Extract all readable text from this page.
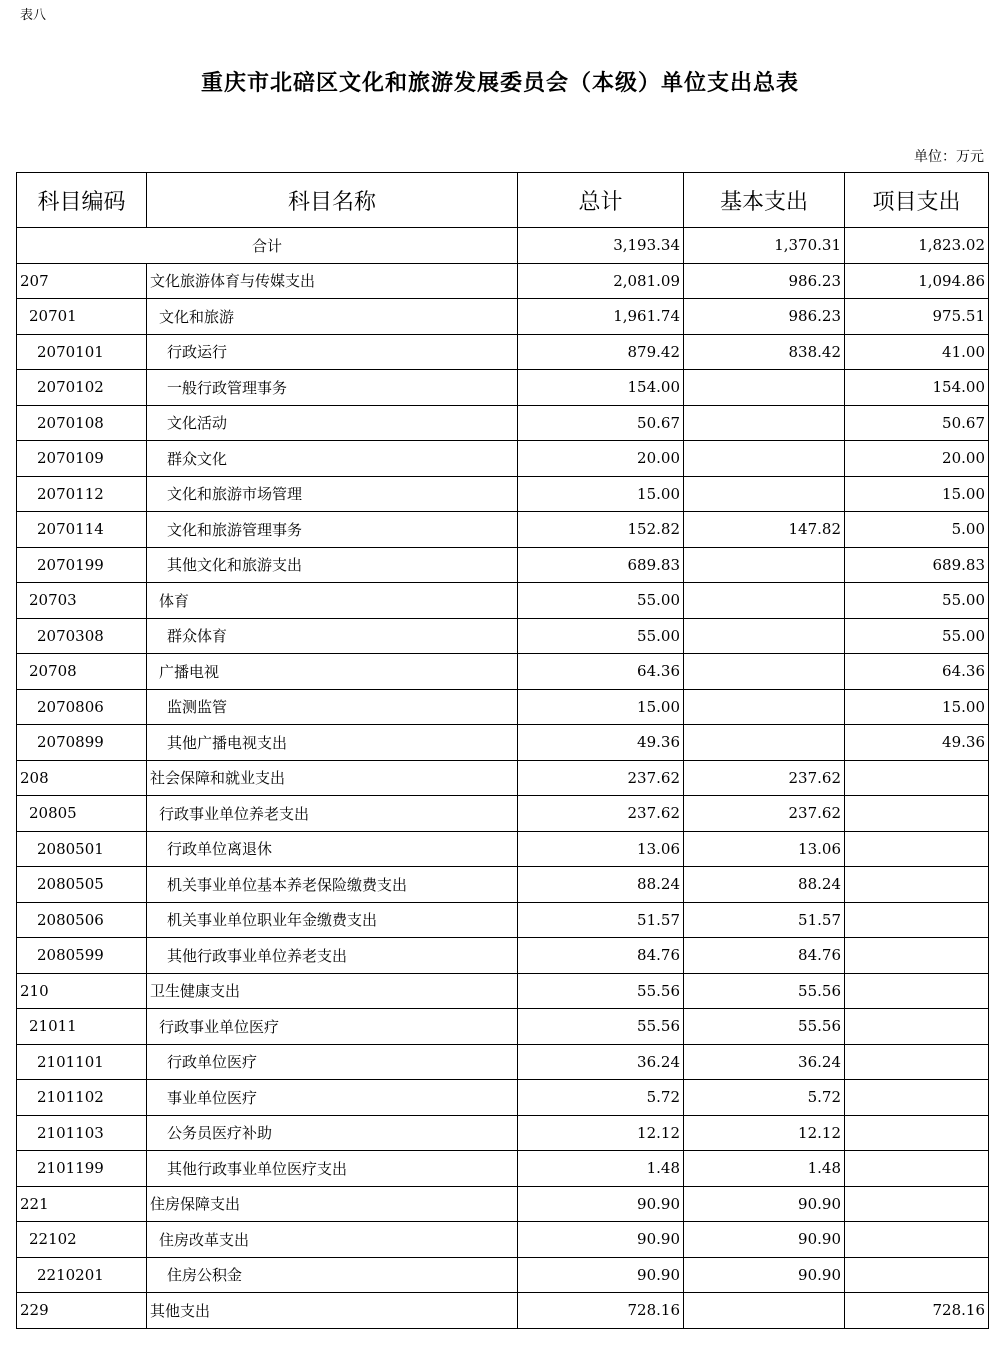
表八
重庆市北碚区文化和旅游发展委员会（本级）单位支出总表
单位：万元
科目编码	科目名称	总计	基本支出	项目支出
合计		3,193.34	1,370.31	1,823.02
207	文化旅游体育与传媒支出	2,081.09	986.23	1,094.86
20701	文化和旅游	1,961.74	986.23	975.51
2070101	行政运行	879.42	838.42	41.00
2070102	一般行政管理事务	154.00		154.00
2070108	文化活动	50.67		50.67
2070109	群众文化	20.00		20.00
2070112	文化和旅游市场管理	15.00		15.00
2070114	文化和旅游管理事务	152.82	147.82	5.00
2070199	其他文化和旅游支出	689.83		689.83
20703	体育	55.00		55.00
2070308	群众体育	55.00		55.00
20708	广播电视	64.36		64.36
2070806	监测监管	15.00		15.00
2070899	其他广播电视支出	49.36		49.36
208	社会保障和就业支出	237.62	237.62	
20805	行政事业单位养老支出	237.62	237.62	
2080501	行政单位离退休	13.06	13.06	
2080505	机关事业单位基本养老保险缴费支出	88.24	88.24	
2080506	机关事业单位职业年金缴费支出	51.57	51.57	
2080599	其他行政事业单位养老支出	84.76	84.76	
210	卫生健康支出	55.56	55.56	
21011	行政事业单位医疗	55.56	55.56	
2101101	行政单位医疗	36.24	36.24	
2101102	事业单位医疗	5.72	5.72	
2101103	公务员医疗补助	12.12	12.12	
2101199	其他行政事业单位医疗支出	1.48	1.48	
221	住房保障支出	90.90	90.90	
22102	住房改革支出	90.90	90.90	
2210201	住房公积金	90.90	90.90	
229	其他支出	728.16		728.16
